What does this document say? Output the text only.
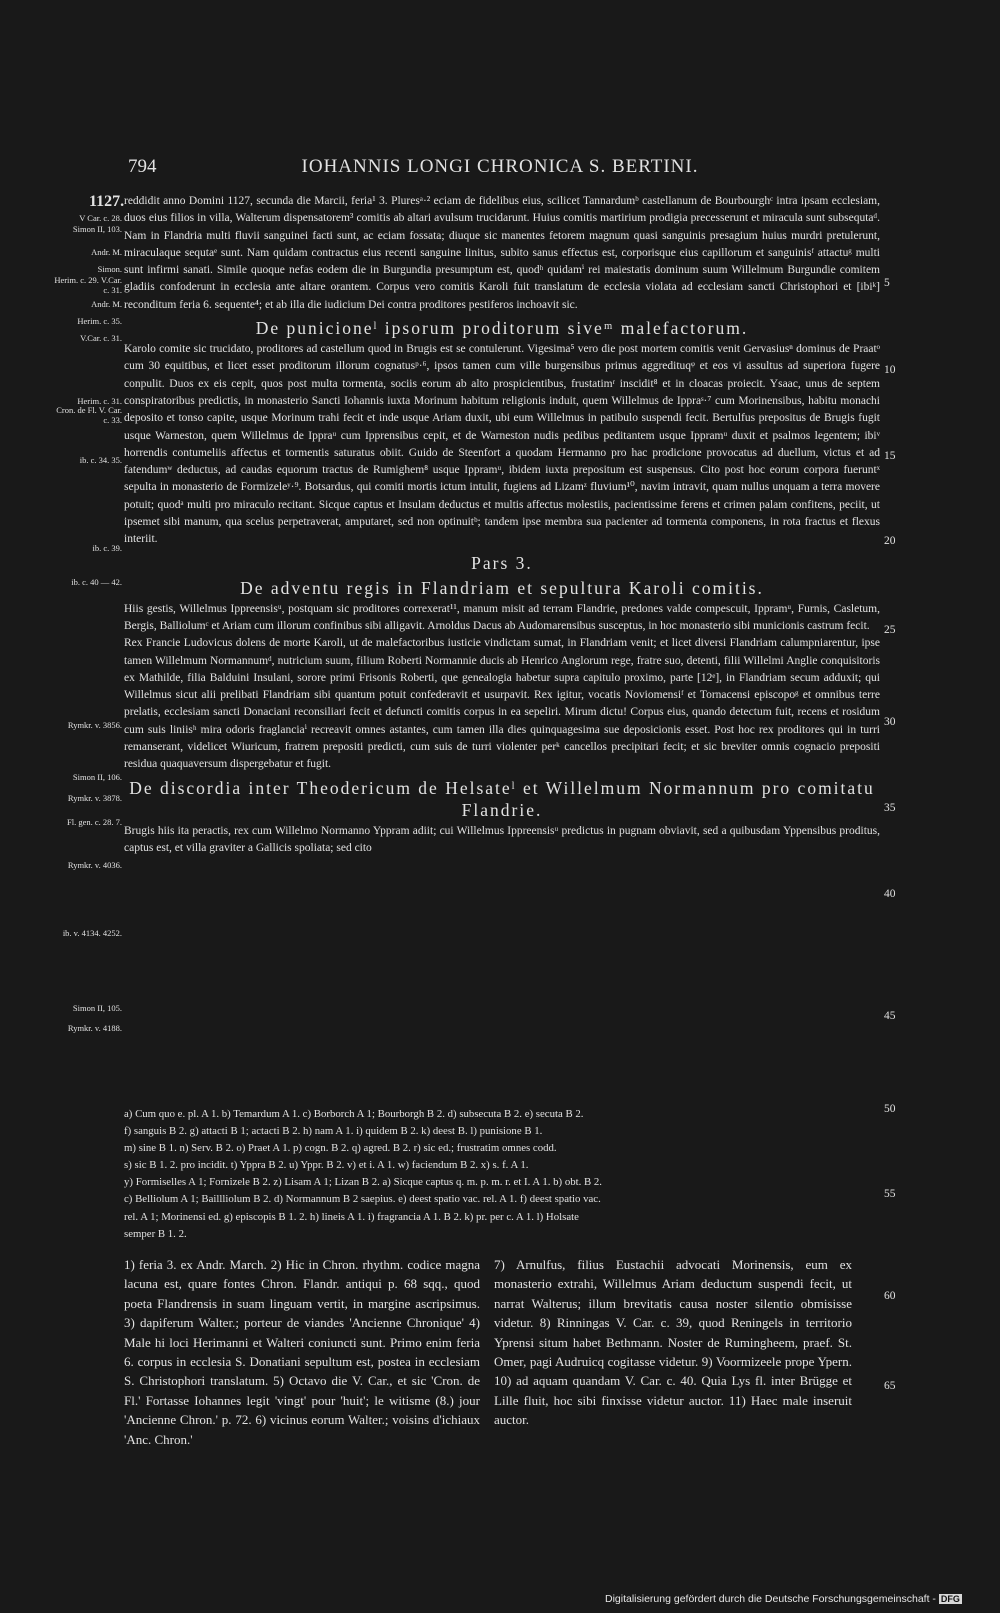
794	IOHANNIS LONGI CHRONICA S. BERTINI.
1127. reddidit anno Domini 1127, secunda die Marcii, feria¹ 3. Pluresᵃ·² eciam de fidelibus eius, scilicet Tannardumᵇ castellanum de Bourbourghᶜ intra ipsam ecclesiam, duos eius filios in villa, Walterum dispensatorem³ comitis ab altari avulsum trucidarunt. Huius comitis martirium prodigia precesserunt et miracula sunt subsequtaᵈ. Nam in Flandria multi fluvii sanguinei facti sunt, ac eciam fossata; diuque sic manentes fetorem magnum quasi sanguinis presagium huius murdri pretulerunt, miraculaque sequtaᵉ sunt. Nam quidam contractus eius recenti sanguine linitus, subito sanus effectus est, corporisque eius capillorum et sanguinisᶠ attactuᵍ multi sunt infirmi sanati. Simile quoque nefas eodem die in Burgundia presumptum est, quodʰ quidamⁱ rei maiestatis dominum suum Willelmum Burgundie comitem gladiis confoderunt in ecclesia ante altare orantem. Corpus vero comitis Karoli fuit translatum de ecclesia violata ad ecclesiam sancti Christophori et [ibiᵏ] reconditum feria 6. sequente⁴; et ab illa die iudicium Dei contra proditores pestiferos inchoavit sic.

De punicioneˡ ipsorum proditorum siveᵐ malefactorum.

Karolo comite sic trucidato, proditores ad castellum quod in Brugis est se contulerunt. Vigesima⁵ vero die post mortem comitis venit Gervasiusⁿ dominus de Praatᵒ cum 30 equitibus, et licet esset proditorum illorum cognatusᵖ·⁶, ipsos tamen cum ville burgensibus primus aggredituqᵠ et eos vi assultus ad superiora fugere conpulit. Duos ex eis cepit, quos post multa tormenta, sociis eorum ab alto prospicientibus, frustatimʳ inscidit⁸ et in cloacas proiecit. Ysaac, unus de septem conspiratoribus predictis, in monasterio Sancti Iohannis iuxta Morinum habitum religionis induit, quem Willelmus de Ippraˢ·⁷ cum Morinensibus, habitu monachi deposito et tonso capite, usque Morinum trahi fecit et inde usque Ariam duxit, ubi eum Willelmus in patibulo suspendi fecit. Bertulfus prepositus de Brugis fugit usque Warneston, quem Willelmus de Ippraᵘ cum Ipprensibus cepit, et de Warneston nudis pedibus peditantem usque Ippramᵘ duxit et psalmos legentem; ibiᵛ horrendis contumeliis affectus et tormentis saturatus obiit. Guido de Steenfort a quodam Hermanno pro hac prodicione provocatus ad duellum, victus et ad fatendumʷ deductus, ad caudas equorum tractus de Rumighem⁸ usque Ippramᵘ, ibidem iuxta prepositum est suspensus. Cito post hoc eorum corpora fueruntˣ sepulta in monasterio de Formizeleʸ·⁹. Botsardus, qui comiti mortis ictum intulit, fugiens ad Lizamᶻ fluvium¹⁰, navim intravit, quam nullus unquam a terra movere potuit; quodᵃ multi pro miraculo recitant. Sicque captus et Insulam deductus et multis affectus molestiis, pacientissime ferens et crimen palam confitens, peciit, ut ipsemet sibi manum, qua scelus perpetraverat, amputaret, sed non optinuitᵇ; tandem ipse membra sua pacienter ad tormenta componens, in rota fractus et flexus interiit.

Pars 3.

De adventu regis in Flandriam et sepultura Karoli comitis.

Hiis gestis, Willelmus Ippreensisᵘ, postquam sic proditores correxerat¹¹, manum misit ad terram Flandrie, predones valde compescuit, Ippramᵘ, Furnis, Casletum, Bergis, Balliolumᶜ et Ariam cum illorum confinibus sibi alligavit. Arnoldus Dacus ab Audomarensibus susceptus, in hoc monasterio sibi municionis castrum fecit.

Rex Francie Ludovicus dolens de morte Karoli, ut de malefactoribus iusticie vindictam sumat, in Flandriam venit; et licet diversi Flandriam calumpniarentur, ipse tamen Willelmum Normannumᵈ, nutricium suum, filium Roberti Normannie ducis ab Henrico Anglorum rege, fratre suo, detenti, filii Willelmi Anglie conquisitoris ex Mathilde, filia Balduini Insulani, sorore primi Frisonis Roberti, que genealogia habetur supra capitulo proximo, parte [12ᵉ], in Flandriam secum adduxit; qui Willelmus sicut alii prelibati Flandriam sibi quantum potuit confederavit et usurpavit. Rex igitur, vocatis Noviomensiᶠ et Tornacensi episcopoᵍ et omnibus terre prelatis, ecclesiam sancti Donaciani reconsiliari fecit et defuncti comitis corpus in ea sepeliri. Mirum dictu! Corpus eius, quando detectum fuit, recens et rosidum cum suis liniisʰ mira odoris fraglanciaⁱ recreavit omnes astantes, cum tamen illa dies quinquagesima sue deposicionis esset. Post hoc rex proditores qui in turri remanserant, videlicet Wiuricum, fratrem prepositi predicti, cum suis de turri violenter perᵏ cancellos precipitari fecit; et sic breviter omnis cognacio prepositi residua quaquaversum dispergebatur et fugit.

De discordia inter Theodericum de Helsateˡ et Willelmum Normannum pro comitatu Flandrie.

Brugis hiis ita peractis, rex cum Willelmo Normanno Yppram adiit; cui Willelmus Ippreensisᵘ predictus in pugnam obviavit, sed a quibusdam Yppensibus proditus, captus est, et villa graviter a Gallicis spoliata; sed cito

V Car. c. 28.
Simon II, 103.
Andr. M.
Simon.
Herim. c. 29. V.Car. c. 31.
Andr. M.
Herim. c. 35.
V.Car. c. 31.
Herim. c. 31.
Cron. de Fl. V. Car. c. 33.
ib. c. 34. 35.
ib. c. 39.
ib. c. 40 — 42.
Rymkr. v. 3856.
Simon II, 106.
Rymkr. v. 3878.
Fl. gen. c. 28. 7.
Rymkr. v. 4036.
ib. v. 4134. 4252.
Simon II, 105.
Rymkr. v. 4188.
5
10
15
20
25
30
35
40
45
50
55
60
65

a) Cum quo e. pl. A 1. b) Temardum A 1. c) Borborch A 1; Bourborgh B 2. d) subsecuta B 2. e) secuta B 2.

f) sanguis B 2. g) attacti B 1; actacti B 2. h) nam A 1. i) quidem B 2. k) deest B. l) punisione B 1.

m) sine B 1. n) Serv. B 2. o) Praet A 1. p) cogn. B 2. q) agred. B 2. r) sic ed.; frustratim omnes codd.

s) sic B 1. 2. pro incidit. t) Yppra B 2. u) Yppr. B 2. v) et i. A 1. w) faciendum B 2. x) s. f. A 1.

y) Formiselles A 1; Fornizele B 2. z) Lisam A 1; Lizan B 2. a) Sicque captus q. m. p. m. r. et I. A 1. b) obt. B 2.

c) Belliolum A 1; Baillliolum B 2. d) Normannum B 2 saepius. e) deest spatio vac. rel. A 1. f) deest spatio vac.

rel. A 1; Morinensi ed. g) episcopis B 1. 2. h) lineis A 1. i) fragrancia A 1. B 2. k) pr. per c. A 1. l) Holsate

semper B 1. 2.

1) feria 3. ex Andr. March. 2) Hic in Chron. rhythm. codice magna lacuna est, quare fontes Chron. Flandr. antiqui p. 68 sqq., quod poeta Flandrensis in suam linguam vertit, in margine ascripsimus. 3) dapiferum Walter.; porteur de viandes 'Ancienne Chronique' 4) Male hi loci Herimanni et Walteri coniuncti sunt. Primo enim feria 6. corpus in ecclesia S. Donatiani sepultum est, postea in ecclesiam S. Christophori translatum. 5) Octavo die V. Car., et sic 'Cron. de Fl.' Fortasse Iohannes legit 'vingt' pour 'huit'; le witisme (8.) jour 'Ancienne Chron.' p. 72. 6) vicinus eorum Walter.; voisins d'ichiaux 'Anc. Chron.'

7) Arnulfus, filius Eustachii advocati Morinensis, eum ex monasterio extrahi, Willelmus Ariam deductum suspendi fecit, ut narrat Walterus; illum brevitatis causa noster silentio obmisisse videtur. 8) Rinningas V. Car. c. 39, quod Reningels in territorio Yprensi situm habet Bethmann. Noster de Rumingheem, praef. St. Omer, pagi Audruicq cogitasse videtur. 9) Voormizeele prope Ypern. 10) ad aquam quandam V. Car. c. 40. Quia Lys fl. inter Brügge et Lille fluit, hoc sibi finxisse videtur auctor. 11) Haec male inseruit auctor.

Digitalisierung gefördert durch die Deutsche Forschungsgemeinschaft - DFG
